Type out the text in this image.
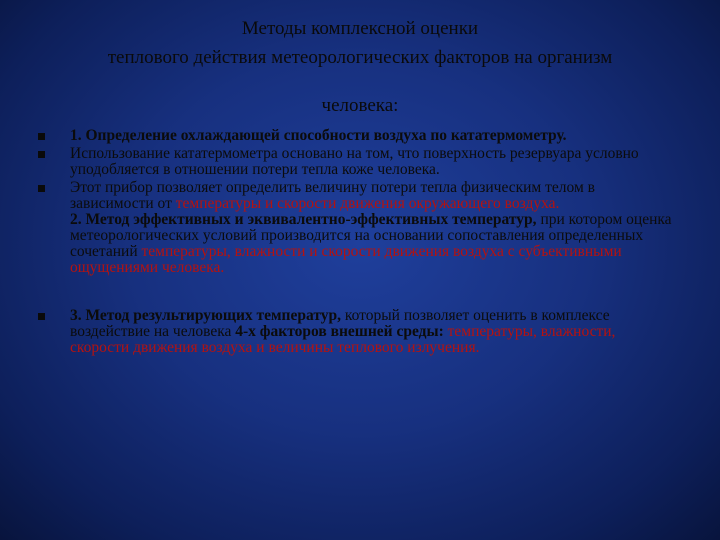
Методы комплексной оценки
теплового действия метеорологических факторов на организм
человека:
1. Определение охлаждающей способности воздуха по кататермометру.
Использование кататермометра основано на том, что поверхность резервуара условно уподобляется в отношении потери тепла коже человека.
Этот прибор позволяет определить величину потери тепла физическим телом в зависимости от температуры и скорости движения окружающего воздуха.
2. Метод эффективных и эквивалентно-эффективных температур, при котором оценка метеорологических условий производится на основании сопоставления определенных сочетаний температуры, влажности и скорости движения воздуха с субъективными ощущениями человека.
3. Метод результирующих температур, который позволяет оценить в комплексе воздействие на человека 4-х факторов внешней среды: температуры, влажности, скорости движения воздуха и величины теплового излучения.
